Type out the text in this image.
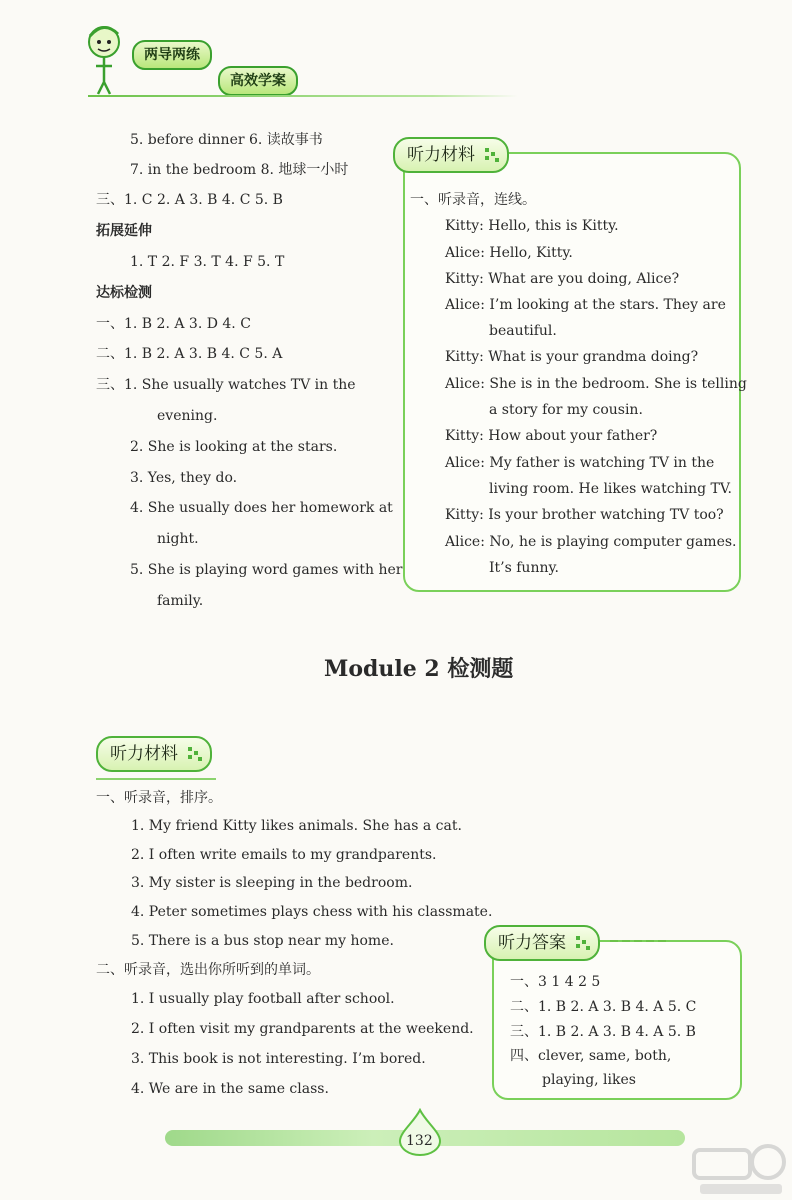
两导两练
高效学案
5. before dinner 6. 读故事书
7. in the bedroom 8. 地球一小时
三、1. C 2. A 3. B 4. C 5. B
拓展延伸
1. T 2. F 3. T 4. F 5. T
达标检测
一、1. B 2. A 3. D 4. C
二、1. B 2. A 3. B 4. C 5. A
三、1. She usually watches TV in the
evening.
2. She is looking at the stars.
3. Yes, they do.
4. She usually does her homework at
night.
5. She is playing word games with her
family.
听力材料
一、听录音，连线。
Kitty: Hello, this is Kitty.
Alice: Hello, Kitty.
Kitty: What are you doing, Alice?
Alice: I’m looking at the stars. They are
beautiful.
Kitty: What is your grandma doing?
Alice: She is in the bedroom. She is telling
a story for my cousin.
Kitty: How about your father?
Alice: My father is watching TV in the
living room. He likes watching TV.
Kitty: Is your brother watching TV too?
Alice: No, he is playing computer games.
It’s funny.
Module 2 检测题
听力材料
一、听录音，排序。
1. My friend Kitty likes animals. She has a cat.
2. I often write emails to my grandparents.
3. My sister is sleeping in the bedroom.
4. Peter sometimes plays chess with his classmate.
5. There is a bus stop near my home.
二、听录音，选出你所听到的单词。
1. I usually play football after school.
2. I often visit my grandparents at the weekend.
3. This book is not interesting. I’m bored.
4. We are in the same class.
听力答案
一、3 1 4 2 5
二、1. B 2. A 3. B 4. A 5. C
三、1. B 2. A 3. B 4. A 5. B
四、clever, same, both,
playing, likes
132
